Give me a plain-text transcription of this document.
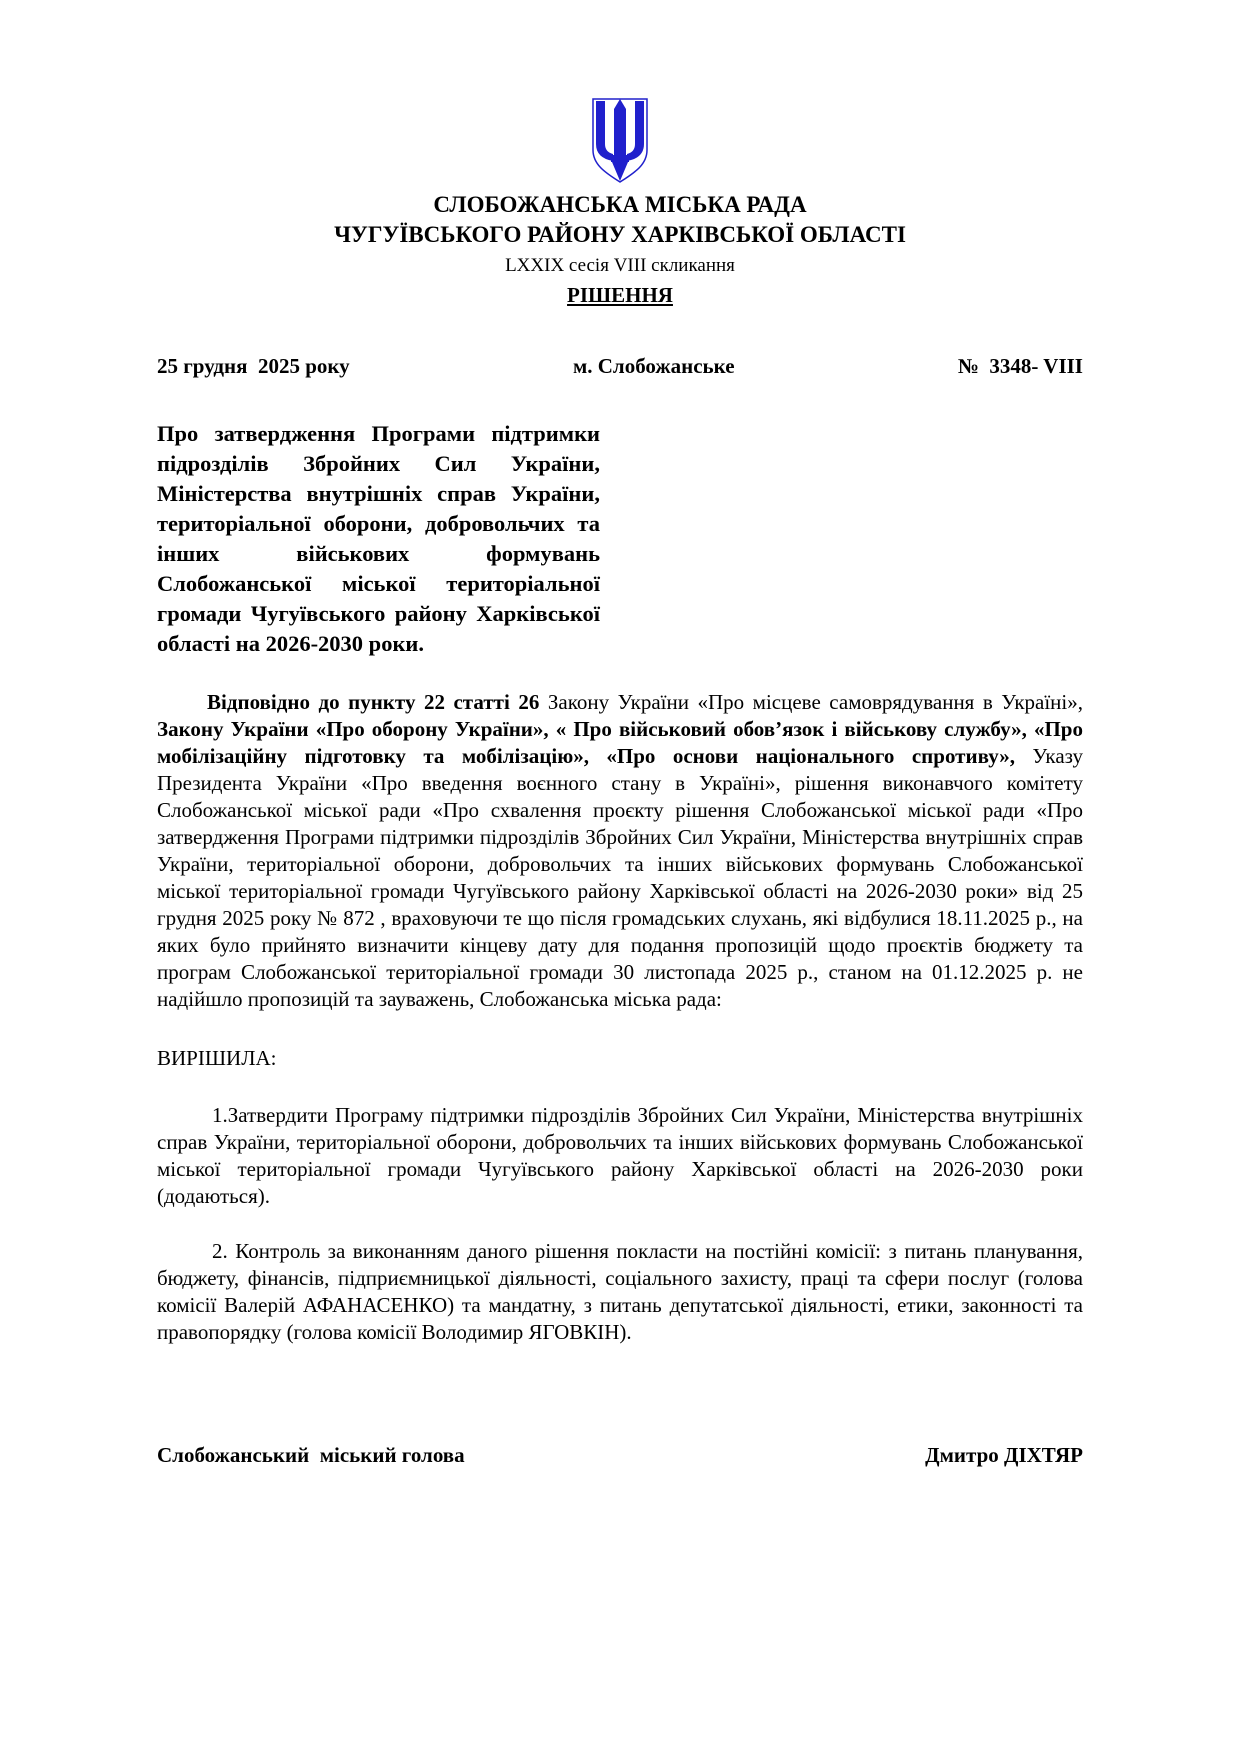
СЛОБОЖАНСЬКА МІСЬКА РАДА
ЧУГУЇВСЬКОГО РАЙОНУ ХАРКІВСЬКОЇ ОБЛАСТІ
LXXIX сесія VIII скликання
РІШЕННЯ
25 грудня  2025 року	м. Слобожанське	№  3348- VIII
Про затвердження Програми підтримки підрозділів Збройних Сил України, Міністерства внутрішніх справ України, територіальної оборони, добровольчих та інших військових формувань Слобожанської міської територіальної громади Чугуївського району Харківської області на 2026-2030 роки.

Відповідно до пункту 22 статті 26 Закону України «Про місцеве самоврядування в Україні», Закону України «Про оборону України», « Про військовий обов’язок і військову службу», «Про мобілізаційну підготовку та мобілізацію», «Про основи національного спротиву», Указу Президента України «Про введення воєнного стану в Україні», рішення виконавчого комітету Слобожанської міської ради «Про схвалення проєкту рішення Слобожанської міської ради «Про затвердження Програми підтримки підрозділів Збройних Сил України, Міністерства внутрішніх справ України, територіальної оборони, добровольчих та інших військових формувань Слобожанської міської територіальної громади Чугуївського району Харківської області на 2026-2030 роки» від 25 грудня 2025 року № 872 , враховуючи те що після громадських слухань, які відбулися 18.11.2025 р., на яких було прийнято визначити кінцеву дату для подання пропозицій щодо проєктів бюджету та програм Слобожанської територіальної громади 30 листопада 2025 р., станом на 01.12.2025 р. не надійшло пропозицій та зауважень, Слобожанська міська рада:

ВИРІШИЛА:

1.Затвердити Програму підтримки підрозділів Збройних Сил України, Міністерства внутрішніх справ України, територіальної оборони, добровольчих та інших військових формувань Слобожанської міської територіальної громади Чугуївського району Харківської області на 2026-2030 роки (додаються).

2. Контроль за виконанням даного рішення покласти на постійні комісії: з питань планування, бюджету, фінансів, підприємницької діяльності, соціального захисту, праці та сфери послуг (голова комісії Валерій АФАНАСЕНКО) та мандатну, з питань депутатської діяльності, етики, законності та правопорядку (голова комісії Володимир ЯГОВКІН).

Слобожанський  міський голова	Дмитро ДІХТЯР
